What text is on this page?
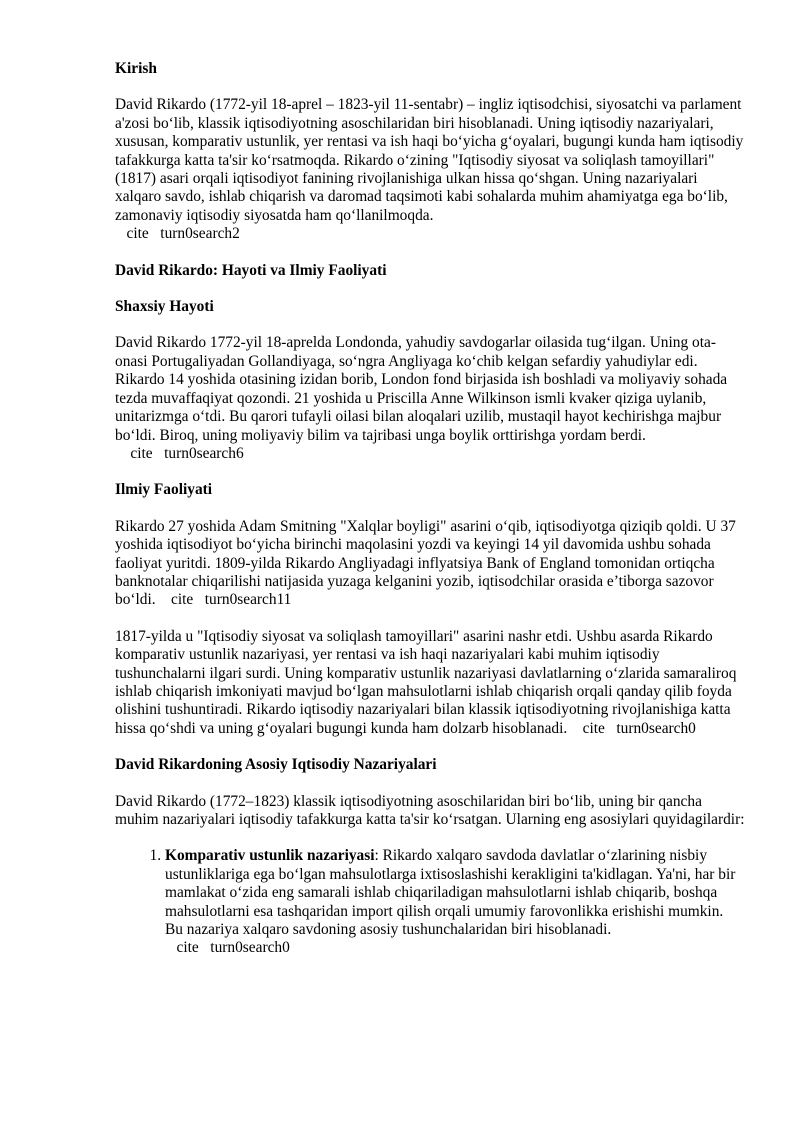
Kirish

David Rikardo (1772-yil 18-aprel – 1823-yil 11-sentabr) – ingliz iqtisodchisi, siyosatchi va parlament a'zosi bo‘lib, klassik iqtisodiyotning asoschilaridan biri hisoblanadi. Uning iqtisodiy nazariyalari, xususan, komparativ ustunlik, yer rentasi va ish haqi bo‘yicha g‘oyalari, bugungi kunda ham iqtisodiy tafakkurga katta ta'sir ko‘rsatmoqda. Rikardo o‘zining "Iqtisodiy siyosat va soliqlash tamoyillari" (1817) asari orqali iqtisodiyot fanining rivojlanishiga ulkan hissa qo‘shgan. Uning nazariyalari xalqaro savdo, ishlab chiqarish va daromad taqsimoti kabi sohalarda muhim ahamiyatga ega bo‘lib, zamonaviy iqtisodiy siyosatda ham qo‘llanilmoqda.
cite   turn0search2

David Rikardo: Hayoti va Ilmiy Faoliyati
Shaxsiy Hayoti

David Rikardo 1772-yil 18-aprelda Londonda, yahudiy savdogarlar oilasida tug‘ilgan. Uning ota-onasi Portugaliyadan Gollandiyaga, so‘ngra Angliyaga ko‘chib kelgan sefardiy yahudiylar edi. Rikardo 14 yoshida otasining izidan borib, London fond birjasida ish boshladi va moliyaviy sohada tezda muvaffaqiyat qozondi. 21 yoshida u Priscilla Anne Wilkinson ismli kvaker qiziga uylanib, unitarizmga o‘tdi. Bu qarori tufayli oilasi bilan aloqalari uzilib, mustaqil hayot kechirishga majbur bo‘ldi. Biroq, uning moliyaviy bilim va tajribasi unga boylik orttirishga yordam berdi.    cite   turn0search6

Ilmiy Faoliyati

Rikardo 27 yoshida Adam Smitning "Xalqlar boyligi" asarini o‘qib, iqtisodiyotga qiziqib qoldi. U 37 yoshida iqtisodiyot bo‘yicha birinchi maqolasini yozdi va keyingi 14 yil davomida ushbu sohada faoliyat yuritdi. 1809-yilda Rikardo Angliyadagi inflyatsiya Bank of England tomonidan ortiqcha banknotalar chiqarilishi natijasida yuzaga kelganini yozib, iqtisodchilar orasida e’tiborga sazovor bo‘ldi.    cite   turn0search11

1817-yilda u "Iqtisodiy siyosat va soliqlash tamoyillari" asarini nashr etdi. Ushbu asarda Rikardo komparativ ustunlik nazariyasi, yer rentasi va ish haqi nazariyalari kabi muhim iqtisodiy tushunchalarni ilgari surdi. Uning komparativ ustunlik nazariyasi davlatlarning o‘zlarida samaraliroq ishlab chiqarish imkoniyati mavjud bo‘lgan mahsulotlarni ishlab chiqarish orqali qanday qilib foyda olishini tushuntiradi. Rikardo iqtisodiy nazariyalari bilan klassik iqtisodiyotning rivojlanishiga katta hissa qo‘shdi va uning g‘oyalari bugungi kunda ham dolzarb hisoblanadi.    cite   turn0search0

David Rikardoning Asosiy Iqtisodiy Nazariyalari

David Rikardo (1772–1823) klassik iqtisodiyotning asoschilaridan biri bo‘lib, uning bir qancha muhim nazariyalari iqtisodiy tafakkurga katta ta'sir ko‘rsatgan. Ularning eng asosiylari quyidagilardir:

1. Komparativ ustunlik nazariyasi: Rikardo xalqaro savdoda davlatlar o‘zlarining nisbiy ustunliklariga ega bo‘lgan mahsulotlarga ixtisoslashishi kerakligini ta'kidlagan. Ya'ni, har bir mamlakat o‘zida eng samarali ishlab chiqariladigan mahsulotlarni ishlab chiqarib, boshqa mahsulotlarni esa tashqaridan import qilish orqali umumiy farovonlikka erishishi mumkin. Bu nazariya xalqaro savdoning asosiy tushunchalaridan biri hisoblanadi.
cite   turn0search0
